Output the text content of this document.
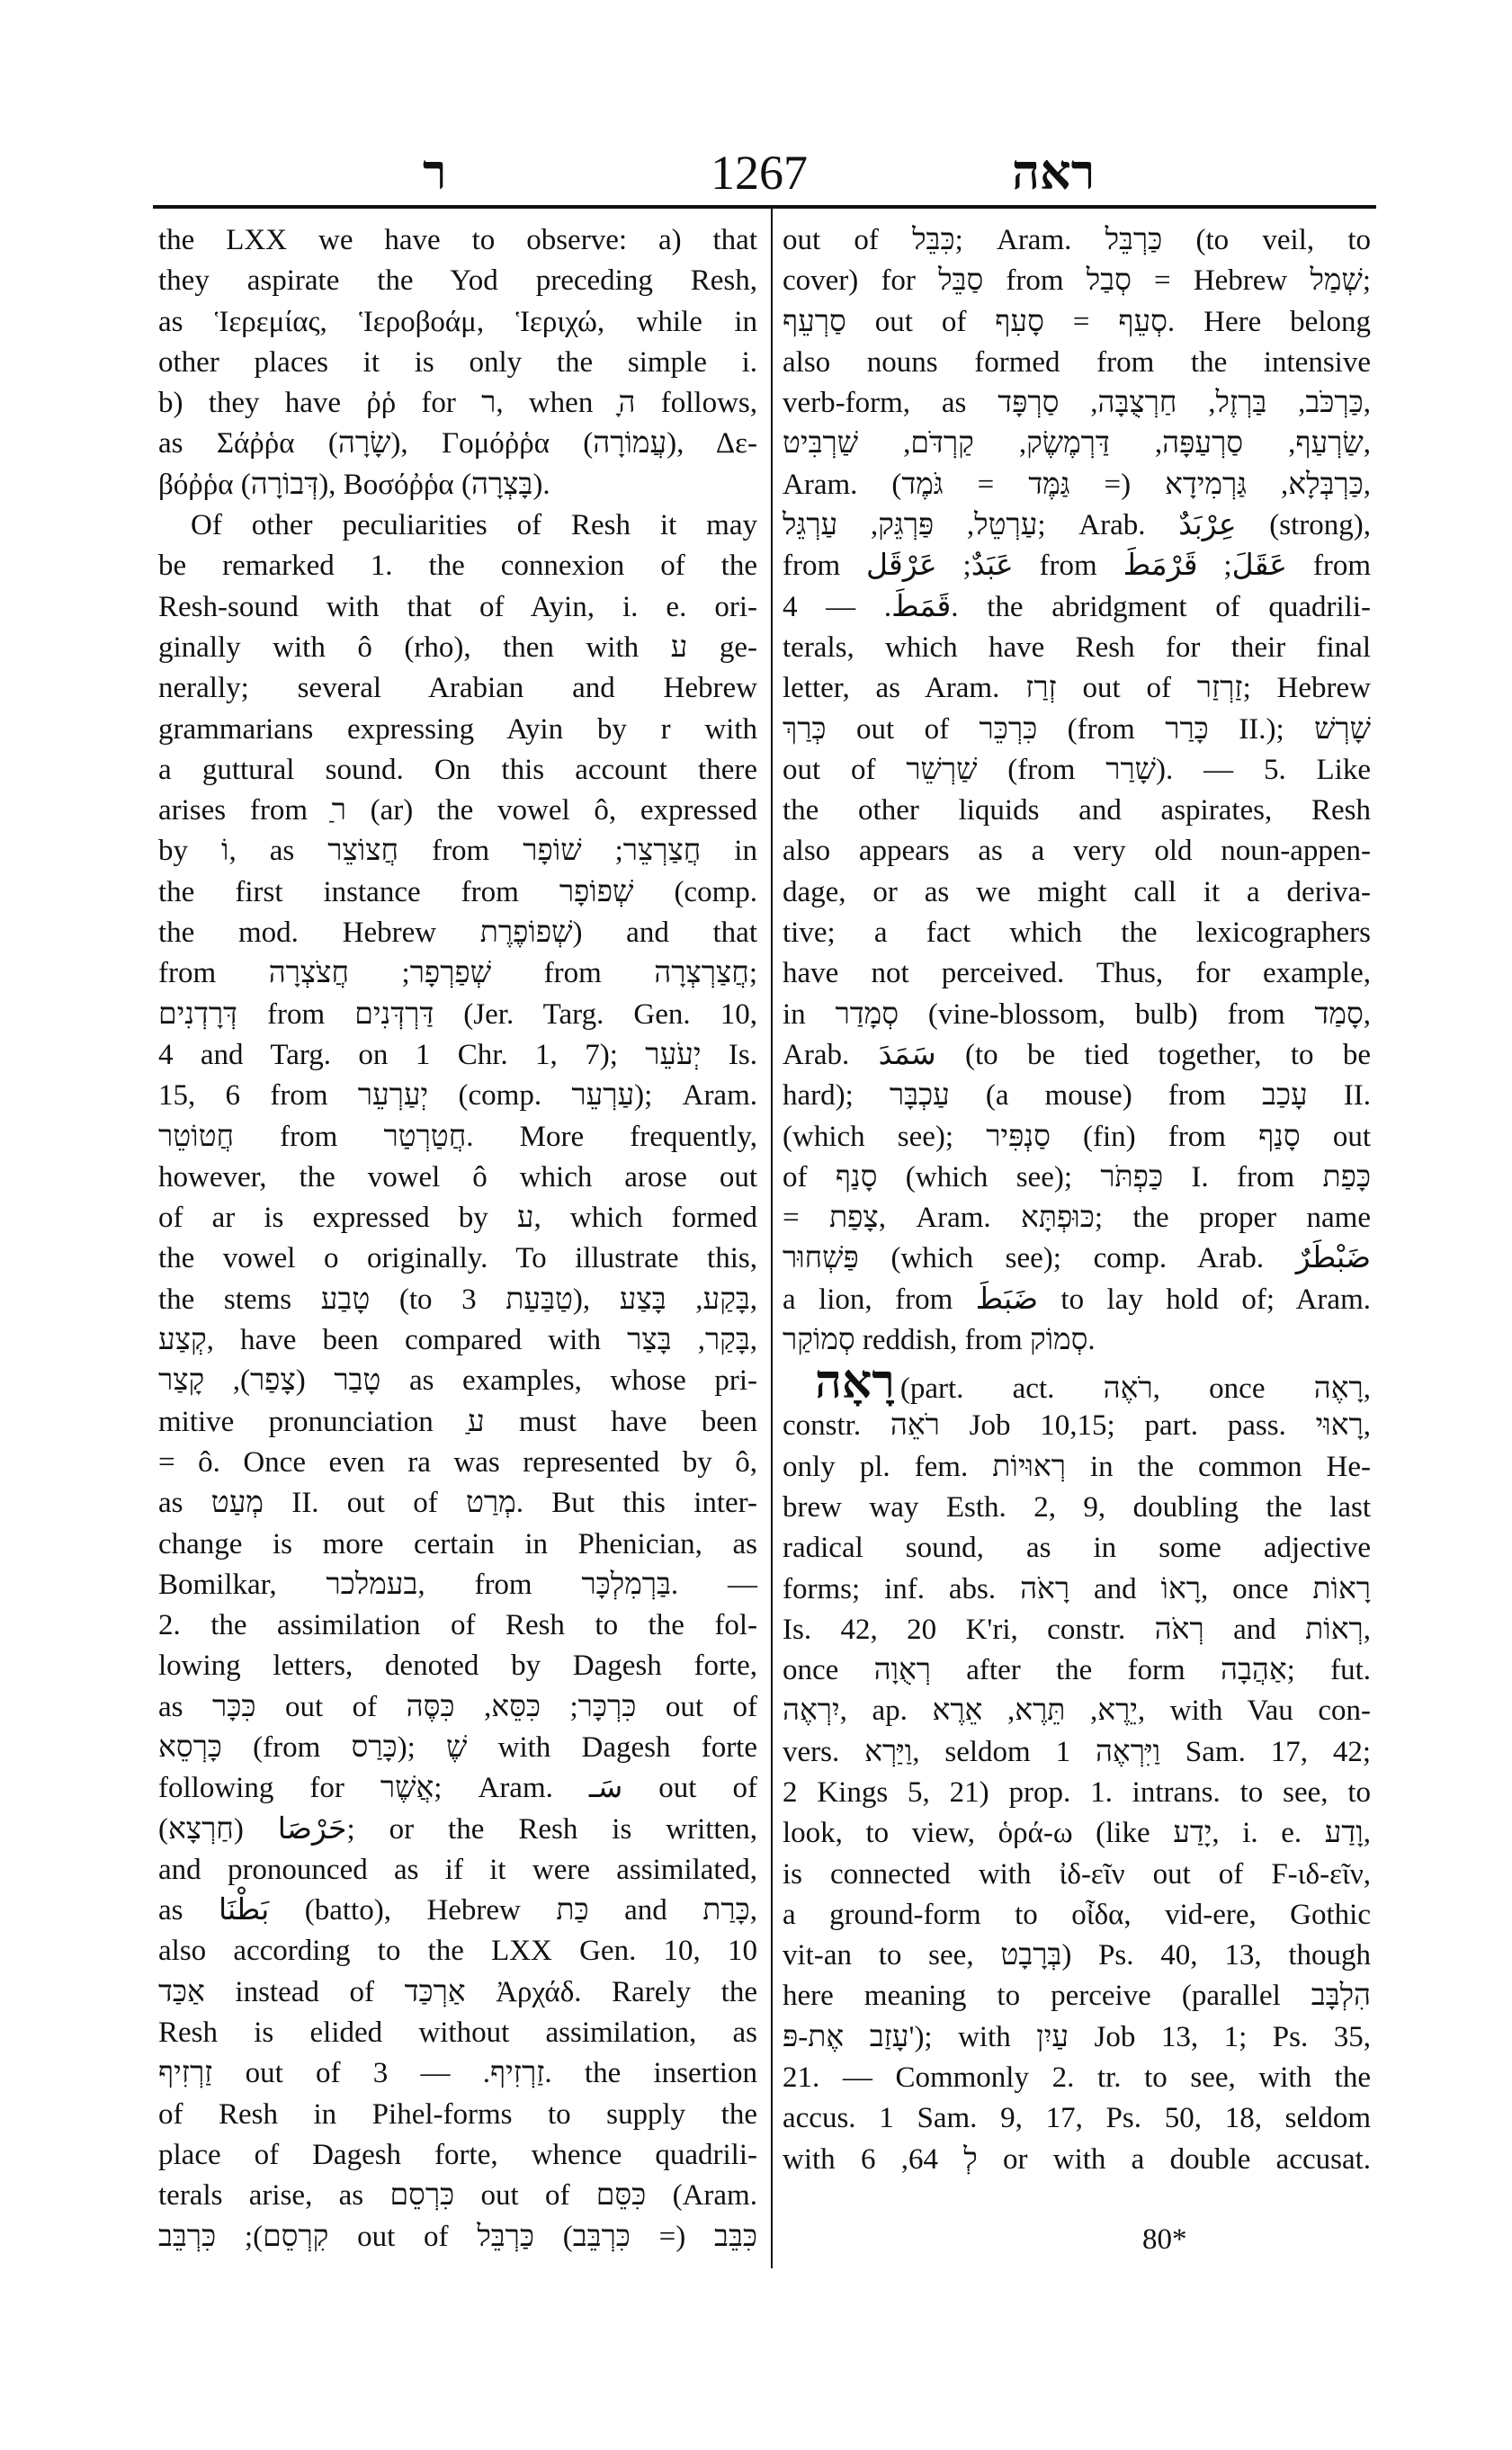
ר	1267	ראה
the LXX we have to observe: a) that
they aspirate the Yod preceding Resh,
as Ἱερεμίας, Ἱεροβοάμ, Ἱεριχώ, while in
other places it is only the simple i.
b) they have ῤῥ for ר, when ָה follows,
as Σάῤῥα (שָׂרָה), Γομόῤῥα (עֲמוֹרָה), Δε-
βόῤῥα (דְּבוֹרָה), Βοσόῤῥα (בָּצְרָה).
Of other peculiarities of Resh it may
be remarked 1. the connexion of the
Resh-sound with that of Ayin, i. e. ori-
ginally with ô (rho), then with ע ge-
nerally; several Arabian and Hebrew
grammarians expressing Ayin by r with
a guttural sound. On this account there
arises from ַר (ar) the vowel ô, expressed
by וֹ, as חֲצוֹצֵר from חֲצַרְצֵר; שׁוֹפָר in
the first instance from שְׁפוֹפָר (comp.
the mod. Hebrew שְׁפוֹפֶרֶת) and that
from שְׁפַרְפָר; חֲצֹצְרָה from חֲצַרְצְרָה;
דְּרָדְנִים from דַּרְדְּנִים (Jer. Targ. Gen. 10,
4 and Targ. on 1 Chr. 1, 7); יְעֹעֵר Is.
15, 6 from יְעַרְעֵר (comp. עַרְעֵר); Aram.
חֲטוֹטֵר from חֲטַרְטַר. More frequently,
however, the vowel ô which arose out
of ar is expressed by ע, which formed
the vowel o originally. To illustrate this,
the stems טָבַע (to טַבַּעַת 3), בָּקַע, בָּצַע,
קְצַע, have been compared with בָּקַר, בָּצַר,
טָבַר (צָפַר), קָצַר as examples, whose pri-
mitive pronunciation ַע must have been
= ô. Once even ra was represented by ô,
as מְעַט II. out of מְרַט. But this inter-
change is more certain in Phenician, as
Bomilkar, בעמלכר, from בַּרְמִלְכָּר. —
2. the assimilation of Resh to the fol-
lowing letters, denoted by Dagesh forte,
as כִּכָּר out of כִּרְכָּר; כִּסֵּא, כִּסֶּה out of
כָּרְסֵא (from כָּרַס); שֶׁ with Dagesh forte
following for אֲשֶׁר; Aram. سَـ out of
حَرْصَا (חַרְצָא); or the Resh is written,
and pronounced as if it were assimilated,
as بَطْنَا (batto), Hebrew כַּת and כָּרַת,
also according to the LXX Gen. 10, 10
אַכַּד instead of אַרְכַּד Ἀρχάδ. Rarely the
Resh is elided without assimilation, as
זַרְזִיף out of זַרְזִיף. — 3. the insertion
of Resh in Pihel-forms to supply the
place of Dagesh forte, whence quadrili-
terals arise, as כִּרְסֵם out of כִּסֵּם (Aram.
קִרְסֵם); כִּרְבֵּב out of כִּבֵּב (= כִּרְבֵּב) כַּרְבֵּל
out of כִּבֵּל; Aram. כַּרְבֵּל (to veil, to
cover) for סַבֵּל from סְבַל = Hebrew שְׁמַל;
סַרְעֵף out of סְעֵף = סָעִף. Here belong
also nouns formed from the intensive
verb-form, as כַּרְכֹּב, בַּרְזֶל, חַרְצֻבָּה, סַרְפָּד,
שַׂרְעַף, סַרְעַפָּה, דַּרְמֶשֶׂק, קַרְדֹּם, שַׁרְבִּיט,
Aram. כַּרְבְּלָא, גַּרְמִידָא (= גַּמֶּד = גֹּמֶד),
עַרְטֵל, פַּרְגֵּק, עַרְגֵּל; Arab. عِرْبَدٌ (strong),
from عَبَدٌ; عَرْقَل from عَقَلَ; قَرْمَطَ from
قَمَطَ. — 4. the abridgment of quadrili-
terals, which have Resh for their final
letter, as Aram. זְרַז out of זַרְזַר; Hebrew
כְּרַךְ out of כִּרְכֵּר (from כָּרַר II.); שָׁרְשׁ
out of שַׁרְשֵׁר (from שָׁרַר). — 5. Like
the other liquids and aspirates, Resh
also appears as a very old noun-appen-
dage, or as we might call it a deriva-
tive; a fact which the lexicographers
have not perceived. Thus, for example,
in סְמָדַר (vine-blossom, bulb) from סָמַד,
Arab. سَمَدَ (to be tied together, to be
hard); עַכְבָּר (a mouse) from עָכַב II.
(which see); סַנְפִּיר (fin) from סָנַף out
of סָנַף (which see); כַּפְתֹּר I. from כָּפַת
= צָפַת, Aram. כּוּפְתָּא; the proper name
פַּשְׁחוּר (which see); comp. Arab. ضَبْطَرٌ
a lion, from ضَبَطَ to lay hold of; Aram.
סְמוֹקַר reddish, from סְמוֹק.
רָאָה (part. act. רֹאֶה, once רָאֶה,
constr. רֹאֵה Job 10,15; part. pass. רָאוּי,
only pl. fem. רְאוּיוֹת in the common He-
brew way Esth. 2, 9, doubling the last
radical sound, as in some adjective
forms; inf. abs. רָאֹה and רָאוֹ, once רָאוֹת
Is. 42, 20 K'ri, constr. רְאֹה and רְאוֹת,
once רְאֻוָה after the form אַהֲבָה; fut.
יִרְאֶה, ap. יֵרֶא, תֵּרֶא, אֵרֶא, with Vau con-
vers. וַיַּרְא, seldom וַיִּרְאֶה 1 Sam. 17, 42;
2 Kings 5, 21) prop. 1. intrans. to see, to
look, to view, ὁρά-ω (like יָדַע, i. e. וָדַע,
is connected with ἰδ-εῖν out of Ϝ-ιδ-εῖν,
a ground-form to οἶδα, vid-ere, Gothic
vit-an to see, בְּרָבָט) Ps. 40, 13, though
here meaning to perceive (parallel הִלְבָּב
עָזַב אֶת-פּ'); with עַיִן Job 13, 1; Ps. 35,
21. — Commonly 2. tr. to see, with the
accus. 1 Sam. 9, 17, Ps. 50, 18, seldom
with לְ 64, 6 or with a double accusat.
80*
